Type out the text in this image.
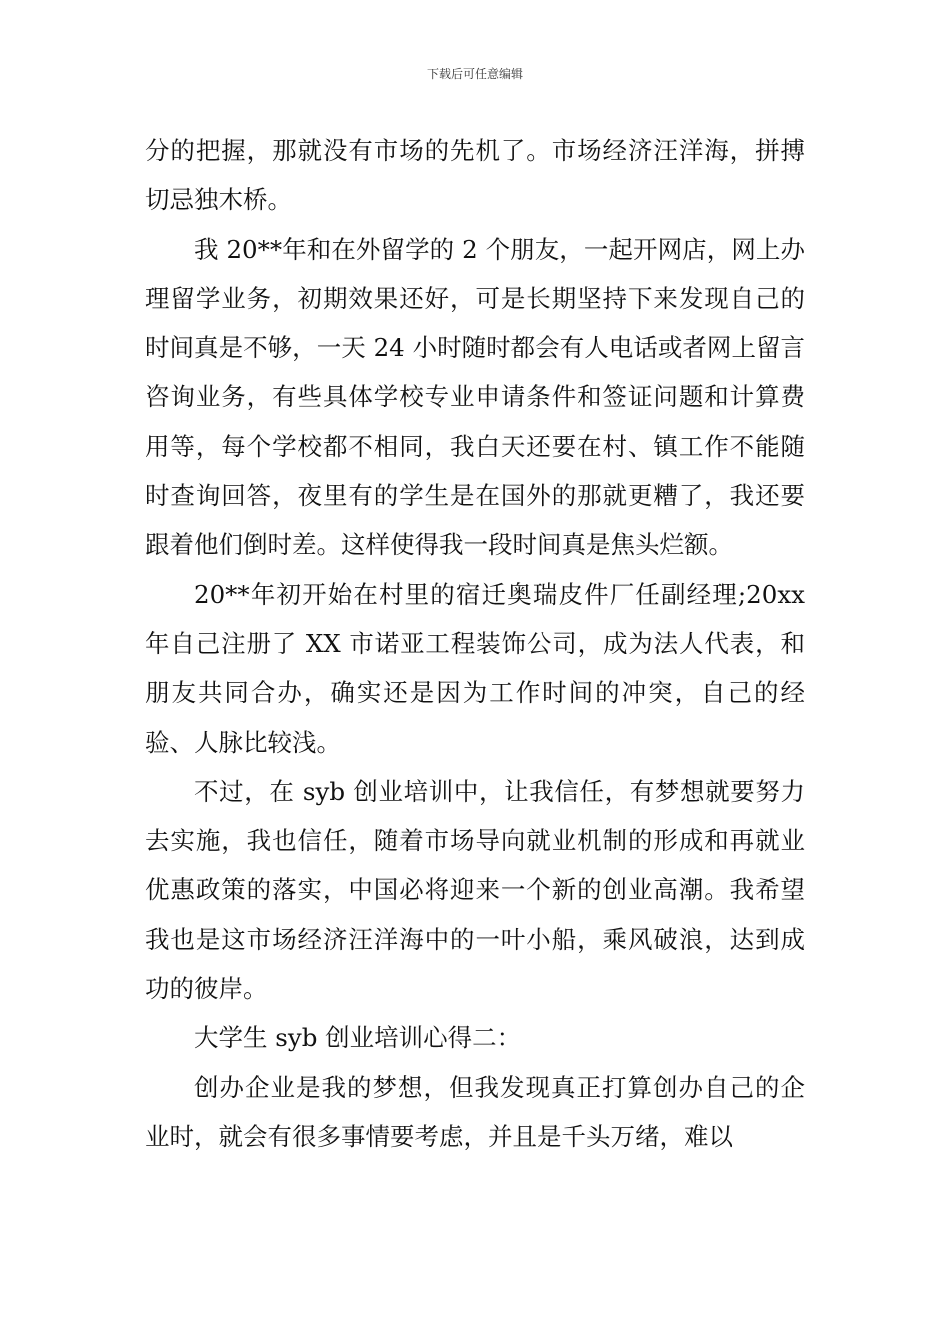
下载后可任意编辑

分的把握，那就没有市场的先机了。市场经济汪洋海，拼搏切忌独木桥。

我 20**年和在外留学的 2 个朋友，一起开网店，网上办理留学业务，初期效果还好，可是长期坚持下来发现自己的时间真是不够，一天 24 小时随时都会有人电话或者网上留言咨询业务，有些具体学校专业申请条件和签证问题和计算费用等，每个学校都不相同，我白天还要在村、镇工作不能随时查询回答，夜里有的学生是在国外的那就更糟了，我还要跟着他们倒时差。这样使得我一段时间真是焦头烂额。

20**年初开始在村里的宿迁奥瑞皮件厂任副经理;20xx年自己注册了 XX 市诺亚工程装饰公司，成为法人代表，和朋友共同合办，确实还是因为工作时间的冲突，自己的经验、人脉比较浅。

不过，在 syb 创业培训中，让我信任，有梦想就要努力去实施，我也信任，随着市场导向就业机制的形成和再就业优惠政策的落实，中国必将迎来一个新的创业高潮。我希望我也是这市场经济汪洋海中的一叶小船，乘风破浪，达到成功的彼岸。

大学生 syb 创业培训心得二：

创办企业是我的梦想，但我发现真正打算创办自己的企业时，就会有很多事情要考虑，并且是千头万绪，难以
